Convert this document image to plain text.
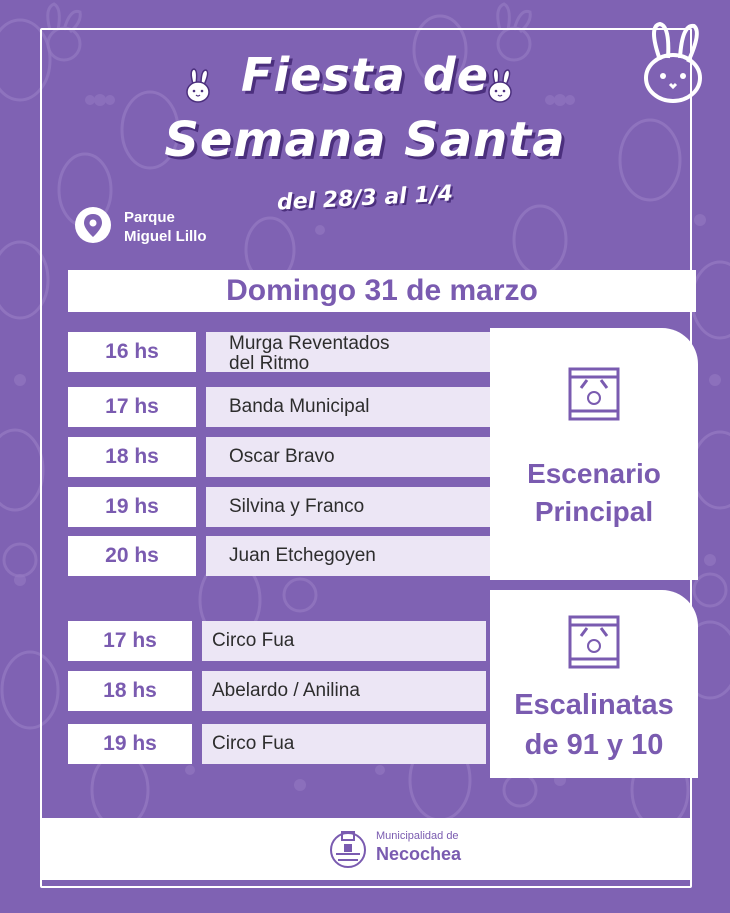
Fiesta de
Semana Santa
del 28/3 al 1/4
Parque
Miguel Lillo
Domingo 31 de marzo
16 hs	Murga Reventados
del Ritmo
17 hs	Banda Municipal
18 hs	Oscar Bravo
19 hs	Silvina y Franco
20 hs	Juan Etchegoyen
Escenario
Principal
17 hs	Circo Fua
18 hs	Abelardo / Anilina
19 hs	Circo Fua
Escalinatas
de 91 y 10
Municipalidad de
Necochea
